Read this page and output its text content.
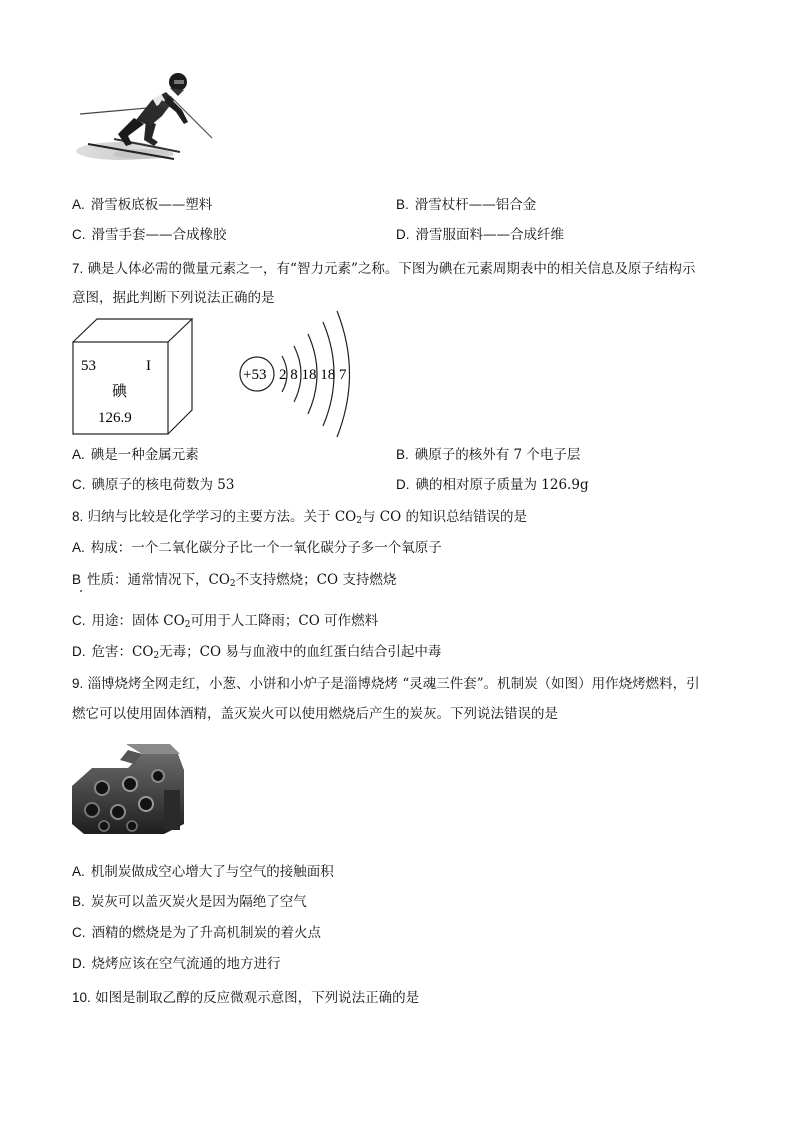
A. 滑雪板底板——塑料	B. 滑雪杖杆——铝合金
C. 滑雪手套——合成橡胶	D. 滑雪服面料——合成纤维
7. 碘是人体必需的微量元素之一，有“智力元素”之称。下图为碘在元素周期表中的相关信息及原子结构示
意图，据此判断下列说法正确的是
53	I
碘
126.9
+53 2 8 18 18 7
A. 碘是一种金属元素	B. 碘原子的核外有 7 个电子层
C. 碘原子的核电荷数为 53	D. 碘的相对原子质量为 126.9g
8. 归纳与比较是化学学习的主要方法。关于 $CO_2$与 CO 的知识总结错误的是
A. 构成：一个二氧化碳分子比一个一氧化碳分子多一个氧原子
B 性质：通常情况下，$CO_2$不支持燃烧；CO 支持燃烧
C. 用途：固体 $CO_2$可用于人工降雨；CO 可作燃料
D. 危害：$CO_2$无毒；CO 易与血液中的血红蛋白结合引起中毒
9. 淄博烧烤全网走红，小葱、小饼和小炉子是淄博烧烤 “灵魂三件套”。机制炭（如图）用作烧烤燃料，引
燃它可以使用固体酒精，盖灭炭火可以使用燃烧后产生的炭灰。下列说法错误的是
A. 机制炭做成空心增大了与空气的接触面积
B. 炭灰可以盖灭炭火是因为隔绝了空气
C. 酒精的燃烧是为了升高机制炭的着火点
D. 烧烤应该在空气流通的地方进行
10. 如图是制取乙醇的反应微观示意图，下列说法正确的是
